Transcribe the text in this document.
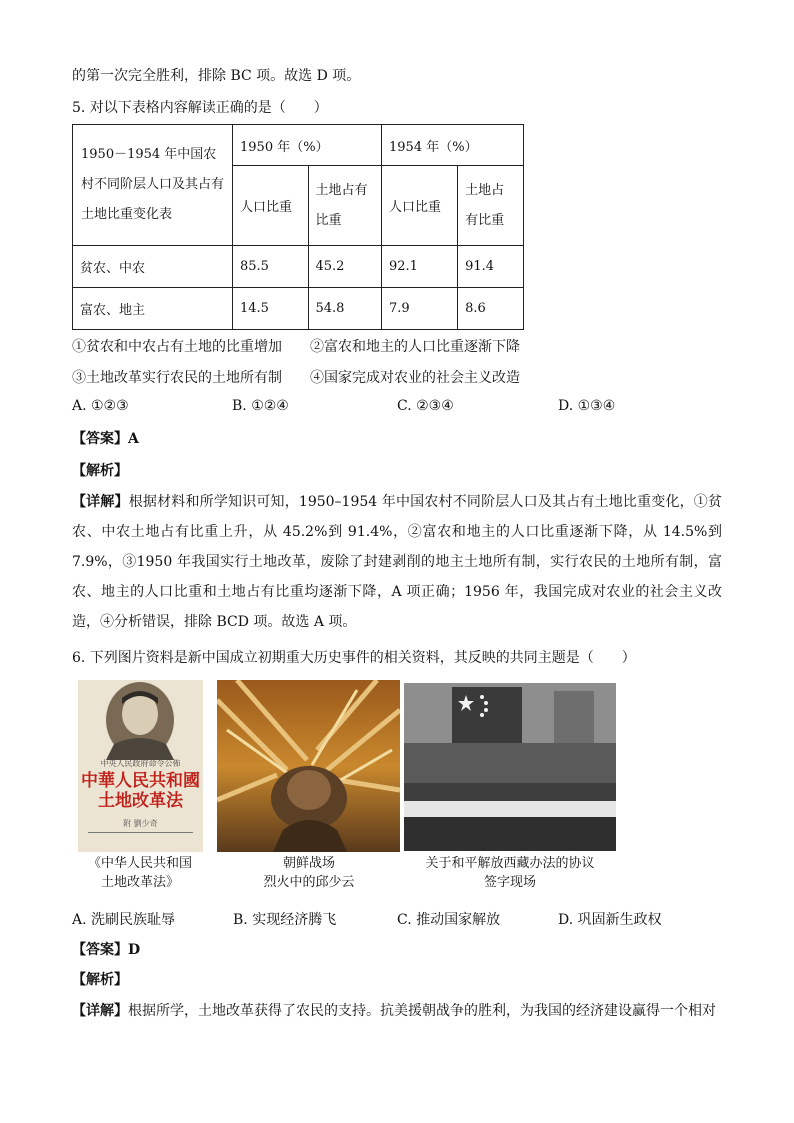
的第一次完全胜利，排除 BC 项。故选 D 项。
5. 对以下表格内容解读正确的是（　　）
1950－1954 年中国农村不同阶层人口及其占有土地比重变化表	1950 年（%）		1954 年（%）	
	人口比重	土地占有比重	人口比重	土地占有比重
贫农、中农	85.5	45.2	92.1	91.4
富农、地主	14.5	54.8	7.9	8.6
①贫农和中农占有土地的比重增加 ②富农和地主的人口比重逐渐下降
③土地改革实行农民的土地所有制 ④国家完成对农业的社会主义改造
A. ①②③	B. ①②④	C. ②③④	D. ①③④
【答案】A
【解析】
【详解】根据材料和所学知识可知，1950–1954 年中国农村不同阶层人口及其占有土地比重变化，①贫农、中农土地占有比重上升，从 45.2%到 91.4%，②富农和地主的人口比重逐渐下降，从 14.5%到 7.9%，③1950 年我国实行土地改革，废除了封建剥削的地主土地所有制，实行农民的土地所有制，富农、地主的人口比重和土地占有比重均逐渐下降，A 项正确；1956 年，我国完成对农业的社会主义改造，④分析错误，排除 BCD 项。故选 A 项。
6. 下列图片资料是新中国成立初期重大历史事件的相关资料，其反映的共同主题是（　　）
中央人民政府命令公佈
中華人民共和國
土地改革法
附 劉少奇
《中华人民共和国
土地改革法》
朝鲜战场
烈火中的邱少云
关于和平解放西藏办法的协议
签字现场
A. 洗刷民族耻辱	B. 实现经济腾飞	C. 推动国家解放	D. 巩固新生政权
【答案】D
【解析】
【详解】根据所学，土地改革获得了农民的支持。抗美援朝战争的胜利，为我国的经济建设赢得一个相对
